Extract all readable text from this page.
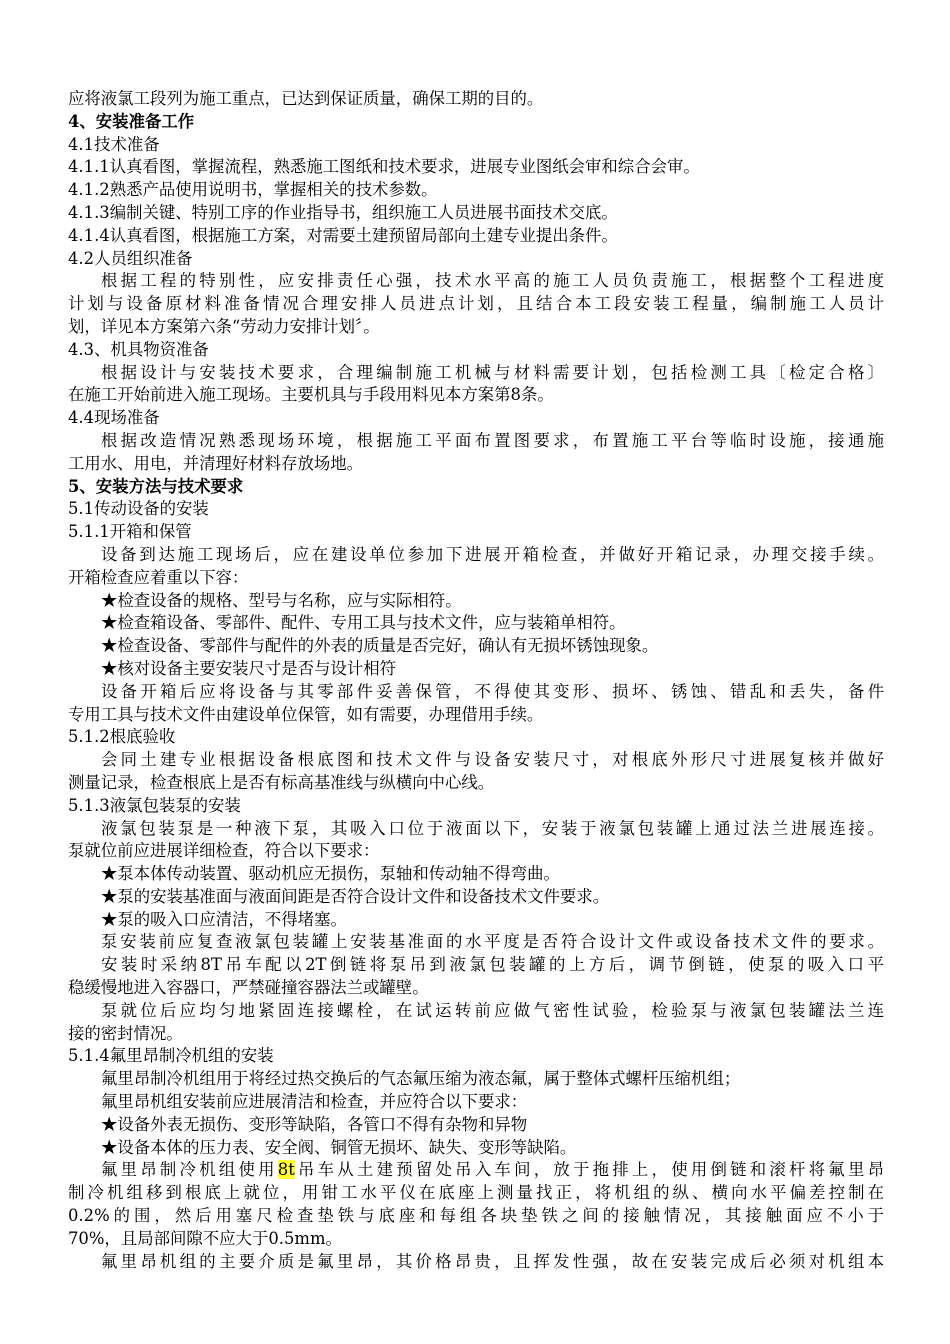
应将液氯工段列为施工重点，已达到保证质量，确保工期的目的。
4、安装准备工作
4.1技术准备
4.1.1认真看图，掌握流程，熟悉施工图纸和技术要求，进展专业图纸会审和综合会审。
4.1.2熟悉产品使用说明书，掌握相关的技术参数。
4.1.3编制关键、特别工序的作业指导书，组织施工人员进展书面技术交底。
4.1.4认真看图，根据施工方案，对需要土建预留局部向土建专业提出条件。
4.2人员组织准备
根据工程的特别性，应安排责任心强，技术水平高的施工人员负责施工，根据整个工程进度
计划与设备原材料准备情况合理安排人员进点计划，且结合本工段安装工程量，编制施工人员计
划，详见本方案第六条“劳动力安排计划〞。
4.3、机具物资准备
根据设计与安装技术要求，合理编制施工机械与材料需要计划，包括检测工具〔检定合格〕
在施工开始前进入施工现场。主要机具与手段用料见本方案第8条。
4.4现场准备
根据改造情况熟悉现场环境，根据施工平面布置图要求，布置施工平台等临时设施，接通施
工用水、用电，并清理好材料存放场地。
5、安装方法与技术要求
5.1传动设备的安装
5.1.1开箱和保管
设备到达施工现场后，应在建设单位参加下进展开箱检查，并做好开箱记录，办理交接手续。
开箱检查应着重以下容：
★检查设备的规格、型号与名称，应与实际相符。
★检查箱设备、零部件、配件、专用工具与技术文件，应与装箱单相符。
★检查设备、零部件与配件的外表的质量是否完好，确认有无损坏锈蚀现象。
★核对设备主要安装尺寸是否与设计相符
设备开箱后应将设备与其零部件妥善保管，不得使其变形、损坏、锈蚀、错乱和丢失，备件
专用工具与技术文件由建设单位保管，如有需要，办理借用手续。
5.1.2根底验收
会同土建专业根据设备根底图和技术文件与设备安装尺寸，对根底外形尺寸进展复核并做好
测量记录，检查根底上是否有标高基准线与纵横向中心线。
5.1.3液氯包装泵的安装
液氯包装泵是一种液下泵，其吸入口位于液面以下，安装于液氯包装罐上通过法兰进展连接。
泵就位前应进展详细检查，符合以下要求：
★泵本体传动装置、驱动机应无损伤，泵轴和传动轴不得弯曲。
★泵的安装基准面与液面间距是否符合设计文件和设备技术文件要求。
★泵的吸入口应清洁，不得堵塞。
泵安装前应复查液氯包装罐上安装基准面的水平度是否符合设计文件或设备技术文件的要求。
安装时采纳8T吊车配以2T倒链将泵吊到液氯包装罐的上方后，调节倒链，使泵的吸入口平
稳缓慢地进入容器口，严禁碰撞容器法兰或罐壁。
泵就位后应均匀地紧固连接螺栓，在试运转前应做气密性试验，检验泵与液氯包装罐法兰连
接的密封情况。
5.1.4氟里昂制冷机组的安装
氟里昂制冷机组用于将经过热交换后的气态氟压缩为液态氟，属于整体式螺杆压缩机组；
氟里昂机组安装前应进展清洁和检查，并应符合以下要求：
★设备外表无损伤、变形等缺陷，各管口不得有杂物和异物
★设备本体的压力表、安全阀、铜管无损坏、缺失、变形等缺陷。
氟里昂制冷机组使用8t吊车从土建预留处吊入车间，放于拖排上，使用倒链和滚杆将氟里昂
制冷机组移到根底上就位，用钳工水平仪在底座上测量找正，将机组的纵、横向水平偏差控制在
0.2%的围，然后用塞尺检查垫铁与底座和每组各块垫铁之间的接触情况，其接触面应不小于
70%，且局部间隙不应大于0.5mm。
氟里昂机组的主要介质是氟里昂，其价格昂贵，且挥发性强，故在安装完成后必须对机组本
